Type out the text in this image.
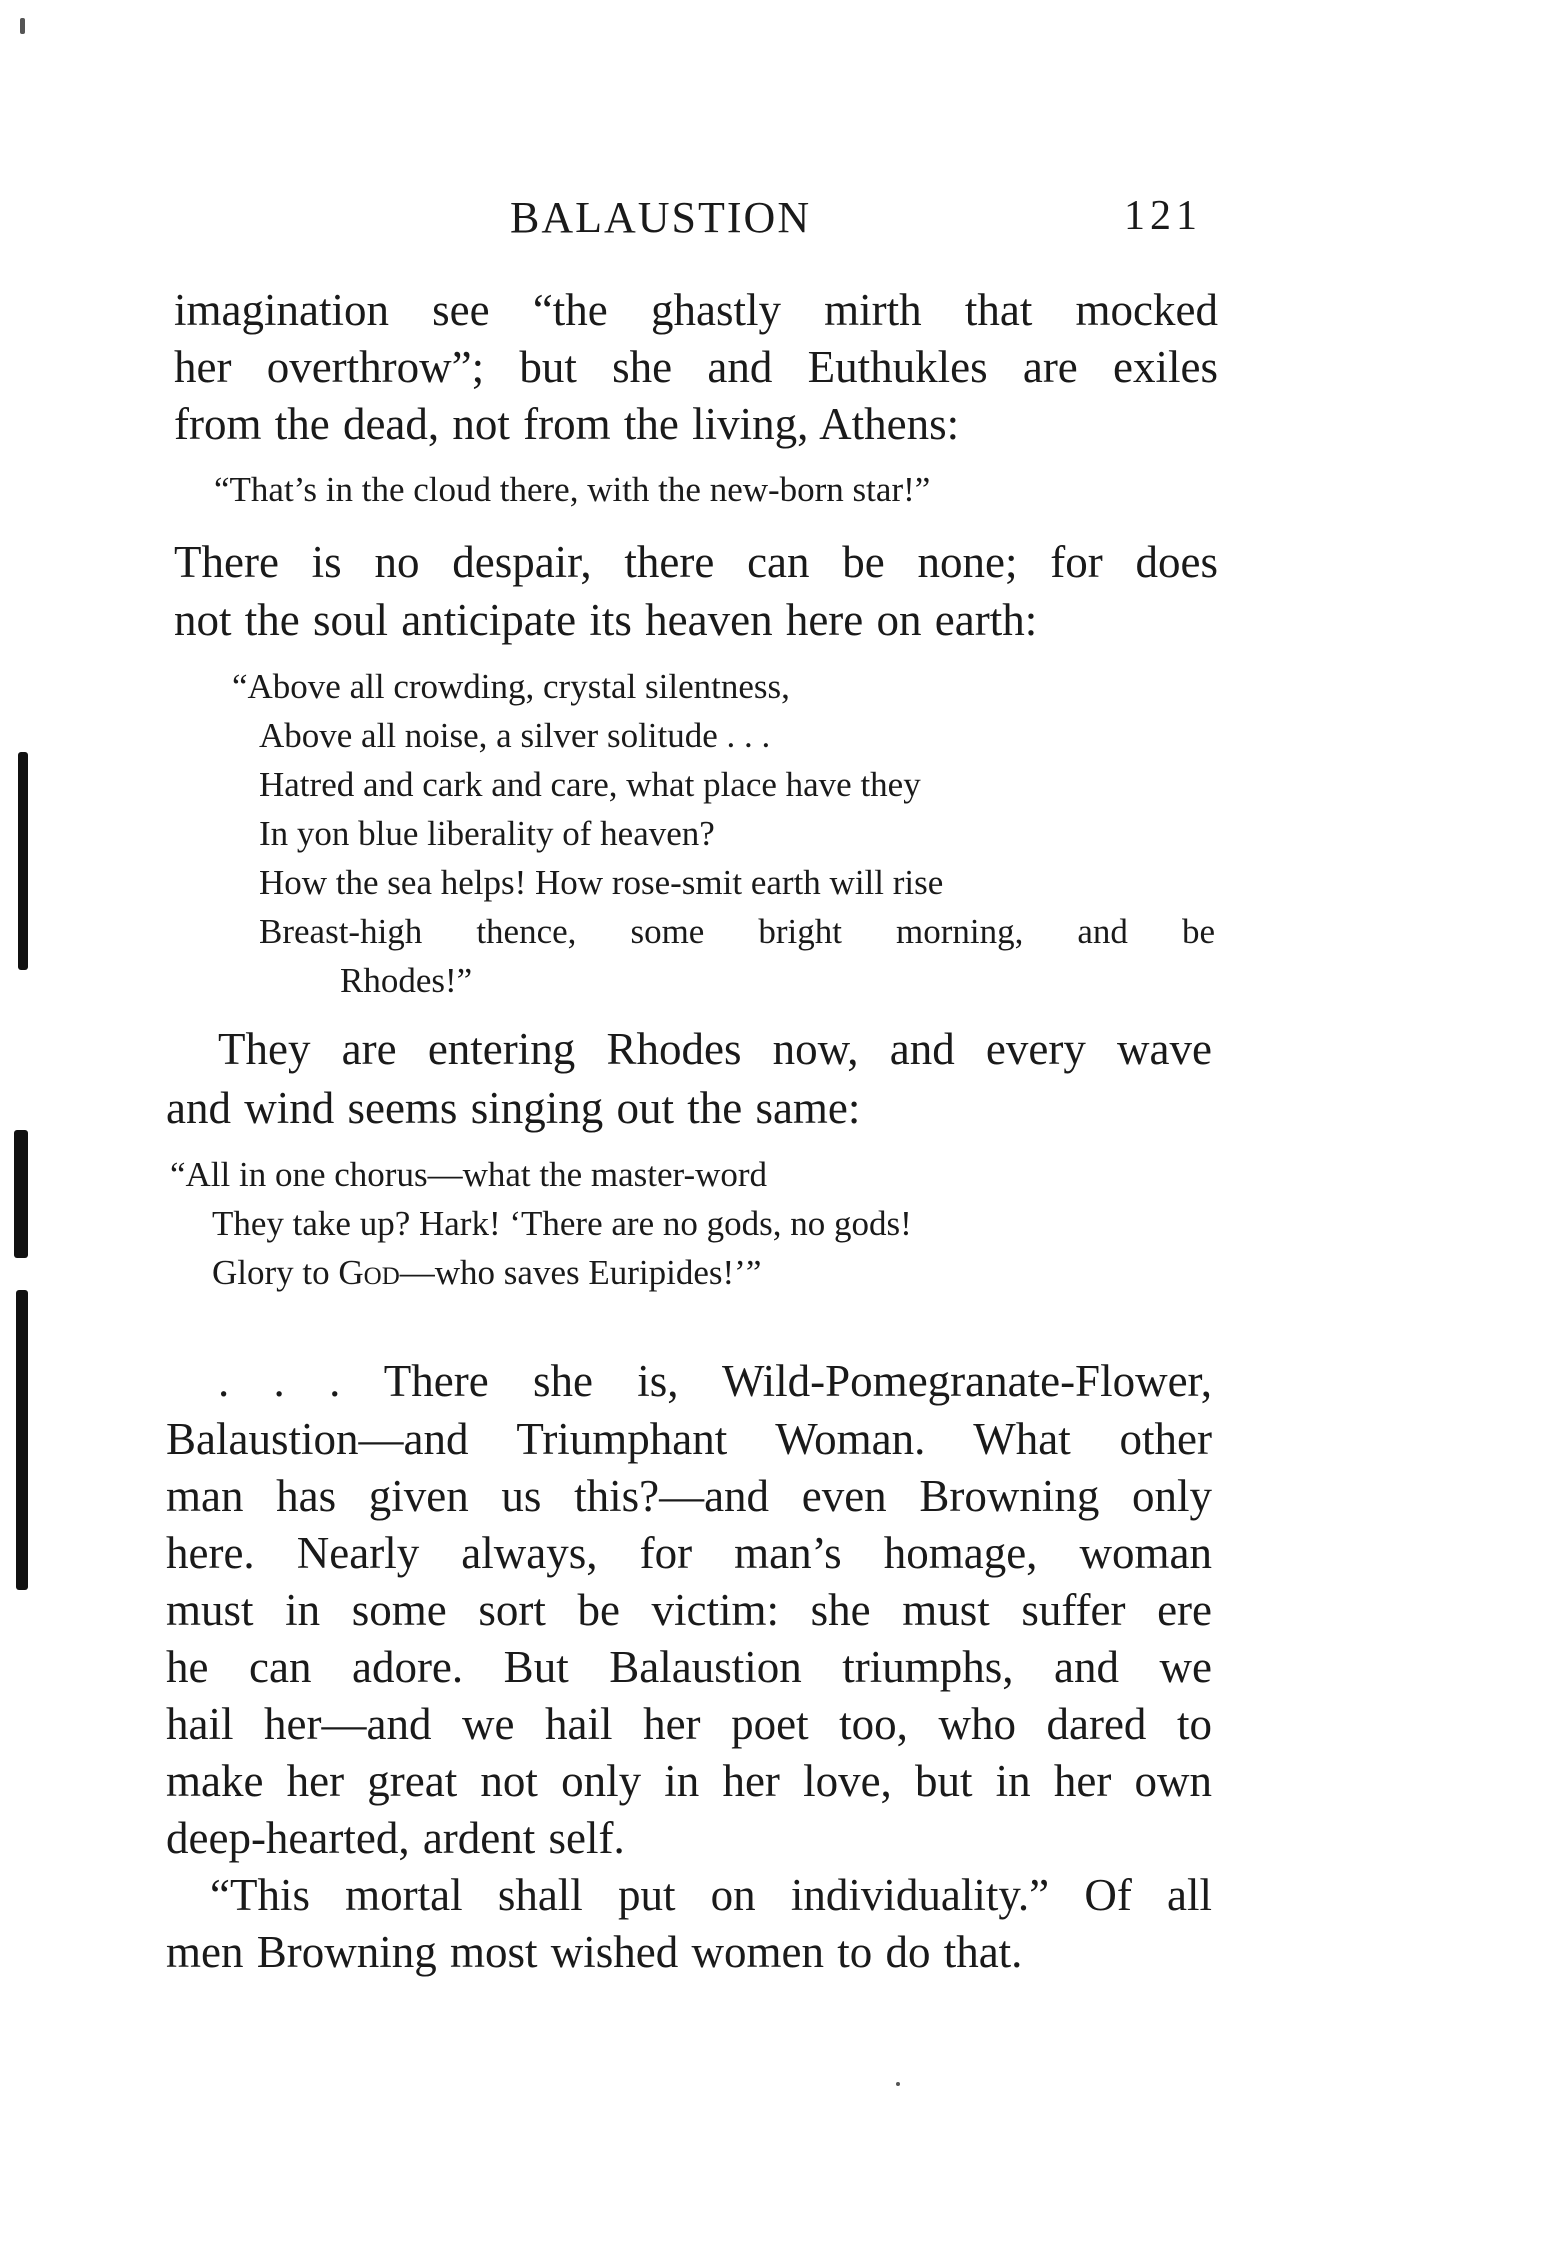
BALAUSTION	121
imagination see “the ghastly mirth that mocked
her overthrow”; but she and Euthukles are exiles
from the dead, not from the living, Athens:
“That’s in the cloud there, with the new-born star!”
There is no despair, there can be none; for does
not the soul anticipate its heaven here on earth:
“Above all crowding, crystal silentness,
Above all noise, a silver solitude . . .
Hatred and cark and care, what place have they
In yon blue liberality of heaven?
How the sea helps! How rose-smit earth will rise
Breast-high thence, some bright morning, and be
Rhodes!”
They are entering Rhodes now, and every wave
and wind seems singing out the same:
“All in one chorus—what the master-word
They take up? Hark! ‘There are no gods, no gods!
Glory to God—who saves Euripides!’”
. . . There she is, Wild-Pomegranate-Flower,
Balaustion—and Triumphant Woman. What other
man has given us this?—and even Browning only
here. Nearly always, for man’s homage, woman
must in some sort be victim: she must suffer ere
he can adore. But Balaustion triumphs, and we
hail her—and we hail her poet too, who dared to
make her great not only in her love, but in her own
deep-hearted, ardent self.
“This mortal shall put on individuality.” Of all
men Browning most wished women to do that.
